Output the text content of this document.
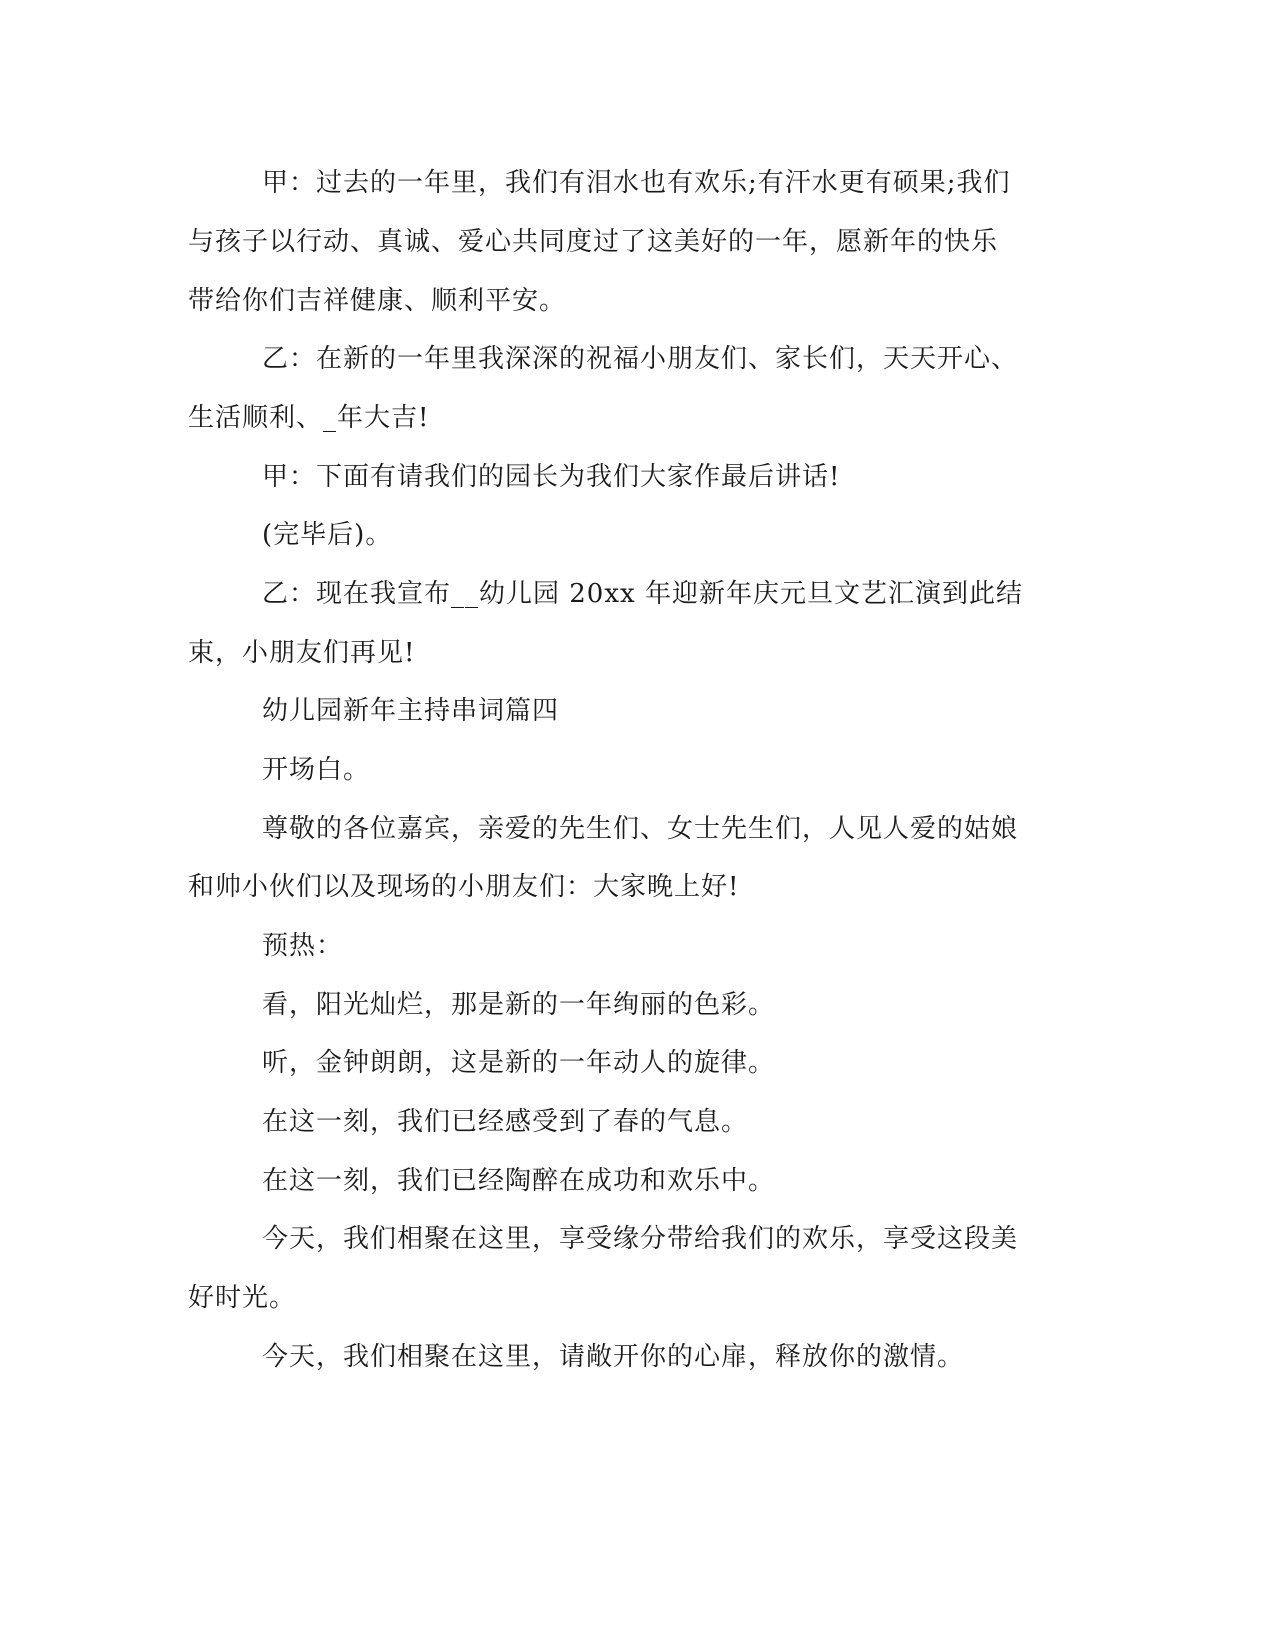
甲：过去的一年里，我们有泪水也有欢乐;有汗水更有硕果;我们
与孩子以行动、真诚、爱心共同度过了这美好的一年，愿新年的快乐
带给你们吉祥健康、顺利平安。
乙：在新的一年里我深深的祝福小朋友们、家长们，天天开心、
生活顺利、_年大吉!
甲：下面有请我们的园长为我们大家作最后讲话!
(完毕后)。
乙：现在我宣布__幼儿园 20xx 年迎新年庆元旦文艺汇演到此结
束，小朋友们再见!
幼儿园新年主持串词篇四
开场白。
尊敬的各位嘉宾，亲爱的先生们、女士先生们，人见人爱的姑娘
和帅小伙们以及现场的小朋友们：大家晚上好!
预热：
看，阳光灿烂，那是新的一年绚丽的色彩。
听，金钟朗朗，这是新的一年动人的旋律。
在这一刻，我们已经感受到了春的气息。
在这一刻，我们已经陶醉在成功和欢乐中。
今天，我们相聚在这里，享受缘分带给我们的欢乐，享受这段美
好时光。
今天，我们相聚在这里，请敞开你的心扉，释放你的激情。
